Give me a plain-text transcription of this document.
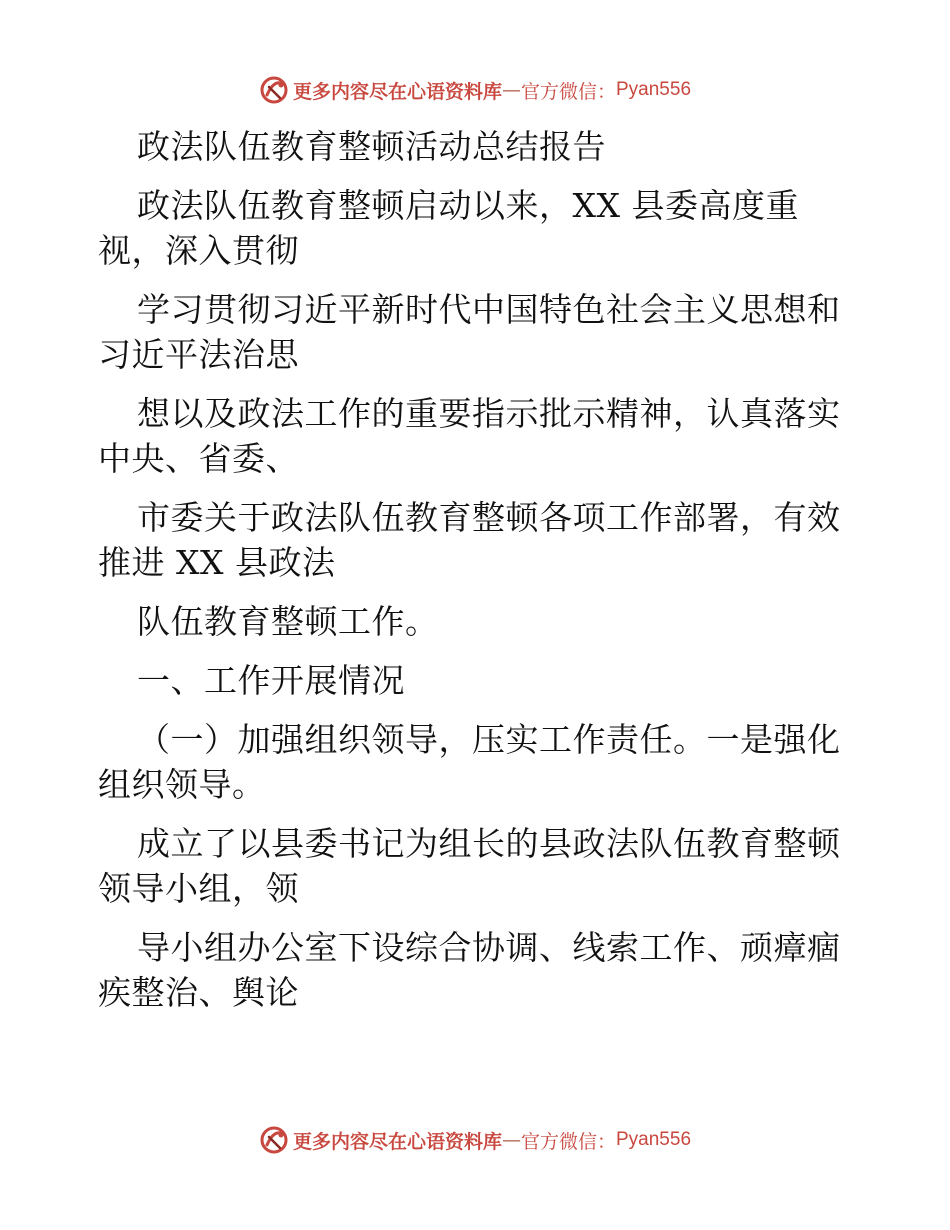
更多内容尽在心语资料库 — 官方微信： Pyan556
政法队伍教育整顿活动总结报告
政法队伍教育整顿启动以来，XX 县委高度重
视，深入贯彻
学习贯彻习近平新时代中国特色社会主义思想和
习近平法治思
想以及政法工作的重要指示批示精神，认真落实
中央、省委、
市委关于政法队伍教育整顿各项工作部署，有效
推进 XX 县政法
队伍教育整顿工作。
一、工作开展情况
（一）加强组织领导，压实工作责任。一是强化
组织领导。
成立了以县委书记为组长的县政法队伍教育整顿
领导小组，领
导小组办公室下设综合协调、线索工作、顽瘴痼
疾整治、舆论
更多内容尽在心语资料库 — 官方微信： Pyan556
